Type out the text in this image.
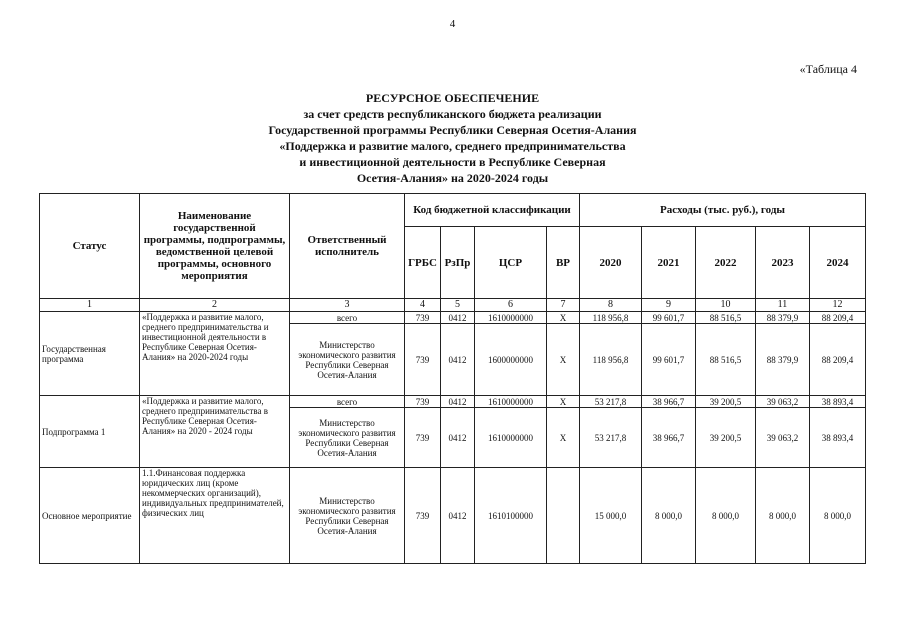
4
«Таблица 4
РЕСУРСНОЕ ОБЕСПЕЧЕНИЕ
за счет средств республиканского бюджета реализации
Государственной программы Республики Северная Осетия-Алания
«Поддержка и развитие малого, среднего предпринимательства
и инвестиционной деятельности в Республике Северная
Осетия-Алания» на 2020-2024 годы
Статус	Наименование государственной программы, подпрограммы, ведомственной целевой программы, основного мероприятия	Ответственный исполнитель	Код бюджетной классификации				Расходы (тыс. руб.), годы				
			ГРБС	РзПр	ЦСР	ВР	2020	2021	2022	2023	2024
1	2	3	4	5	6	7	8	9	10	11	12
Государственная программа	«Поддержка и развитие малого, среднего предпринимательства и инвестиционной деятельности в Республике Северная Осетия-Алания» на 2020-2024 годы	всего	739	0412	1610000000	Х	118 956,8	99 601,7	88 516,5	88 379,9	88 209,4
		Министерство экономического развития Республики Северная Осетия-Алания	739	0412	1600000000	Х	118 956,8	99 601,7	88 516,5	88 379,9	88 209,4
Подпрограмма 1	«Поддержка и развитие малого, среднего предпринимательства в Республике Северная Осетия-Алания» на 2020 - 2024 годы	всего	739	0412	1610000000	Х	53 217,8	38 966,7	39 200,5	39 063,2	38 893,4
		Министерство экономического развития Республики Северная Осетия-Алания	739	0412	1610000000	Х	53 217,8	38 966,7	39 200,5	39 063,2	38 893,4
Основное мероприятие	1.1.Финансовая поддержка юридических лиц (кроме некоммерческих организаций), индивидуальных предпринимателей, физических лиц	Министерство экономического развития Республики Северная Осетия-Алания	739	0412	1610100000		15 000,0	8 000,0	8 000,0	8 000,0	8 000,0
